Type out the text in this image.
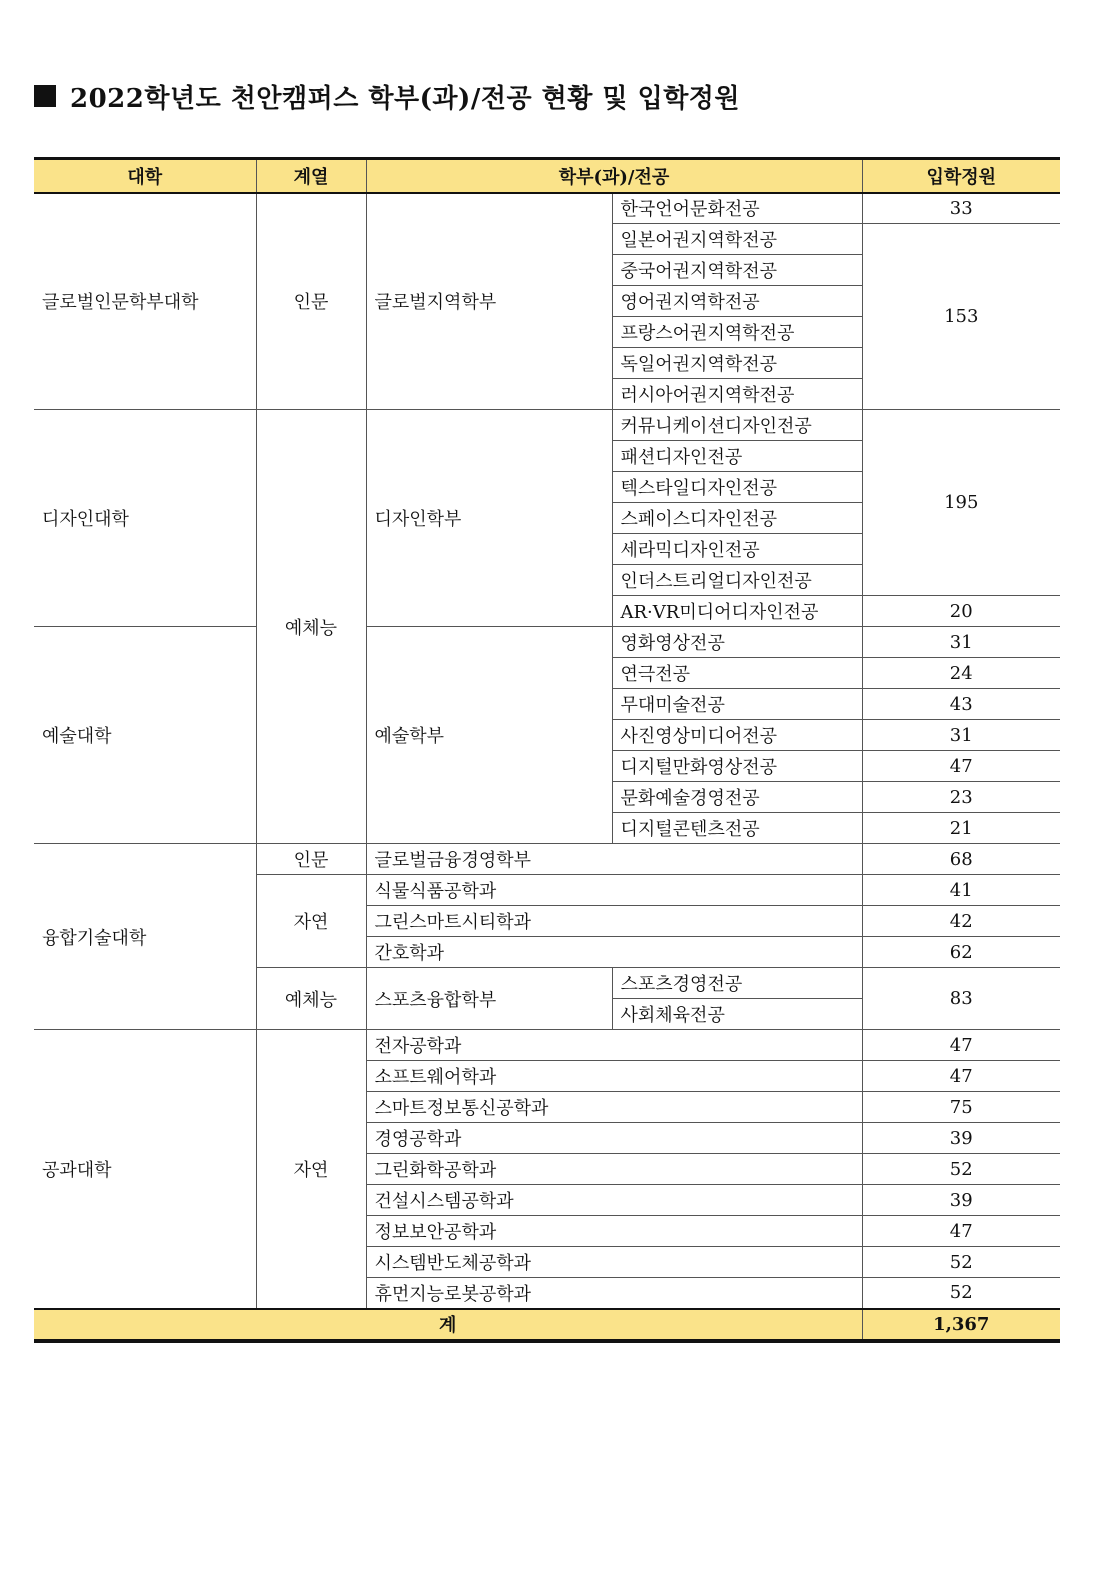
2022학년도 천안캠퍼스 학부(과)/전공 현황 및 입학정원
대학	계열	학부(과)/전공		입학정원
글로벌인문학부대학	인문	글로벌지역학부	한국언어문화전공	33
			일본어권지역학전공	153
			중국어권지역학전공	
			영어권지역학전공	
			프랑스어권지역학전공	
			독일어권지역학전공	
			러시아어권지역학전공	
디자인대학	예체능	디자인학부	커뮤니케이션디자인전공	195
			패션디자인전공	
			텍스타일디자인전공	
			스페이스디자인전공	
			세라믹디자인전공	
			인더스트리얼디자인전공	
			AR·VR미디어디자인전공	20
예술대학		예술학부	영화영상전공	31
			연극전공	24
			무대미술전공	43
			사진영상미디어전공	31
			디지털만화영상전공	47
			문화예술경영전공	23
			디지털콘텐츠전공	21
융합기술대학	인문	글로벌금융경영학부		68
	자연	식물식품공학과		41
		그린스마트시티학과		42
		간호학과		62
	예체능	스포츠융합학부	스포츠경영전공	83
			사회체육전공	
공과대학	자연	전자공학과		47
		소프트웨어학과		47
		스마트정보통신공학과		75
		경영공학과		39
		그린화학공학과		52
		건설시스템공학과		39
		정보보안공학과		47
		시스템반도체공학과		52
		휴먼지능로봇공학과		52
계				1,367
